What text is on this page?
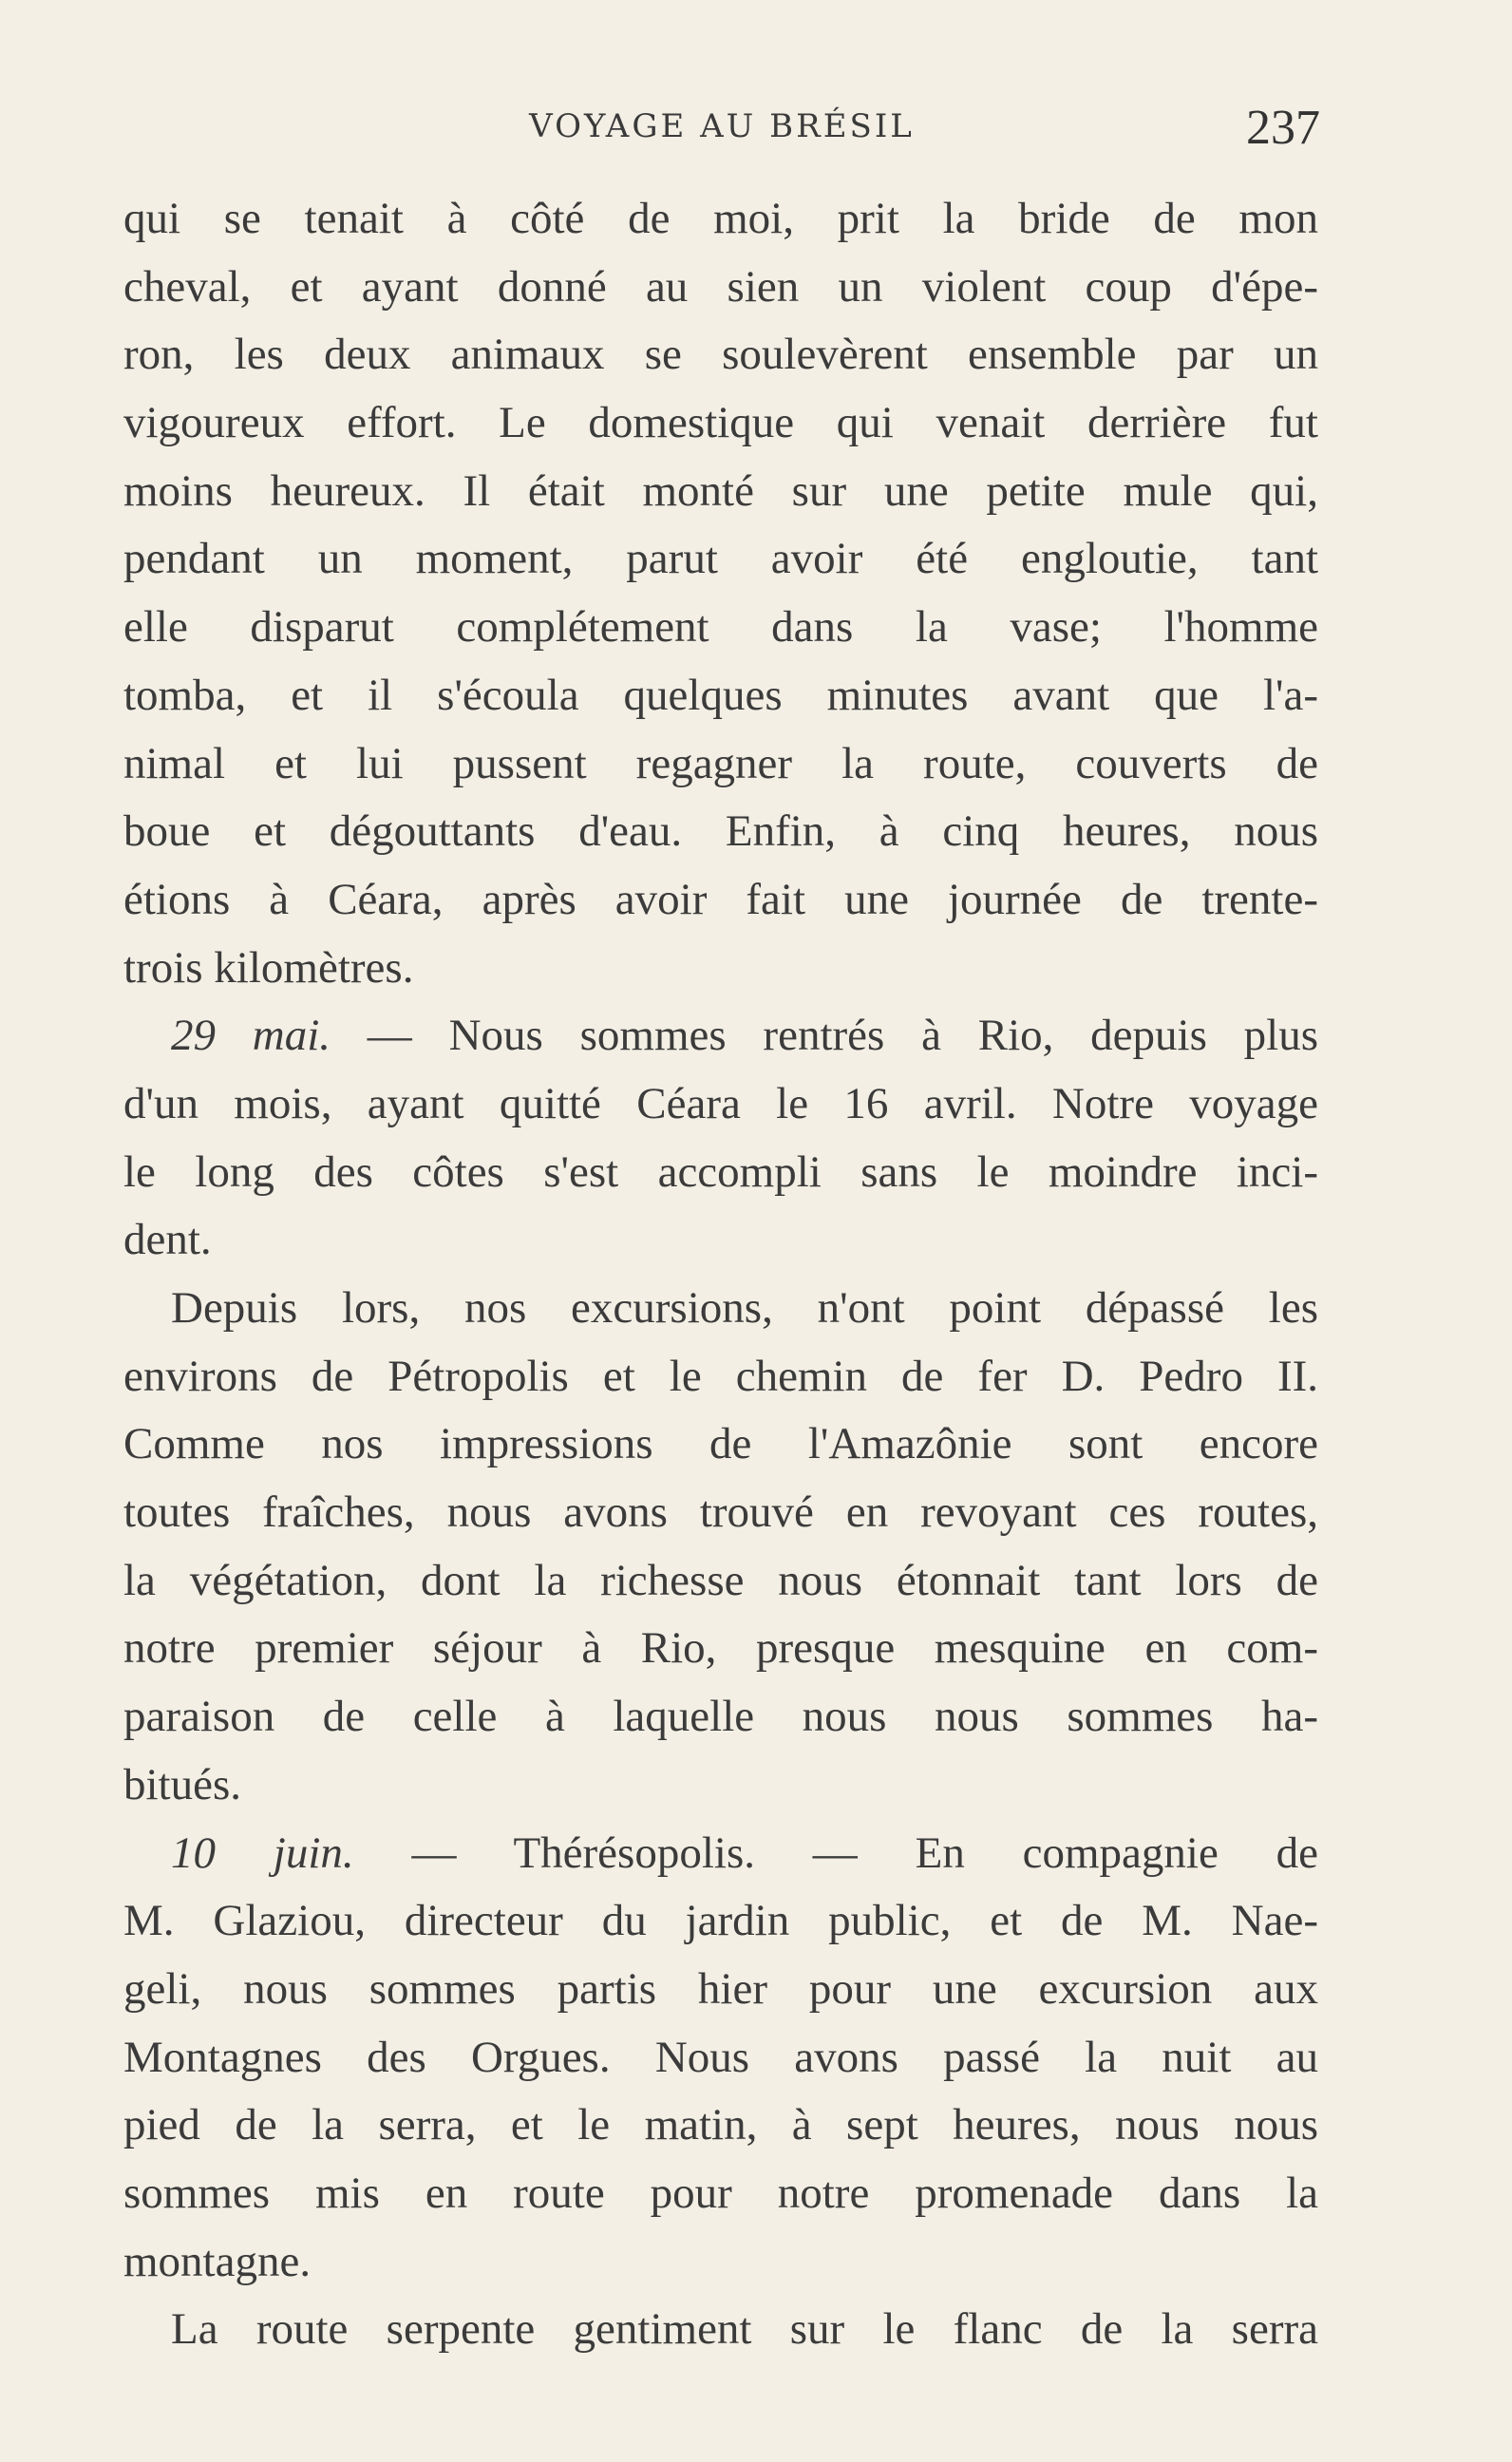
VOYAGE AU BRÉSIL	237
qui se tenait à côté de moi, prit la bride de mon
cheval, et ayant donné au sien un violent coup d'épe-
ron, les deux animaux se soulevèrent ensemble par un
vigoureux effort. Le domestique qui venait derrière fut
moins heureux. Il était monté sur une petite mule qui,
pendant un moment, parut avoir été engloutie, tant
elle disparut complétement dans la vase; l'homme
tomba, et il s'écoula quelques minutes avant que l'a-
nimal et lui pussent regagner la route, couverts de
boue et dégouttants d'eau. Enfin, à cinq heures, nous
étions à Céara, après avoir fait une journée de trente-
trois kilomètres.
29 mai. — Nous sommes rentrés à Rio, depuis plus
d'un mois, ayant quitté Céara le 16 avril. Notre voyage
le long des côtes s'est accompli sans le moindre inci-
dent.
Depuis lors, nos excursions, n'ont point dépassé les
environs de Pétropolis et le chemin de fer D. Pedro II.
Comme nos impressions de l'Amazônie sont encore
toutes fraîches, nous avons trouvé en revoyant ces routes,
la végétation, dont la richesse nous étonnait tant lors de
notre premier séjour à Rio, presque mesquine en com-
paraison de celle à laquelle nous nous sommes ha-
bitués.
10 juin. — Thérésopolis. — En compagnie de
M. Glaziou, directeur du jardin public, et de M. Nae-
geli, nous sommes partis hier pour une excursion aux
Montagnes des Orgues. Nous avons passé la nuit au
pied de la serra, et le matin, à sept heures, nous nous
sommes mis en route pour notre promenade dans la
montagne.
La route serpente gentiment sur le flanc de la serra
